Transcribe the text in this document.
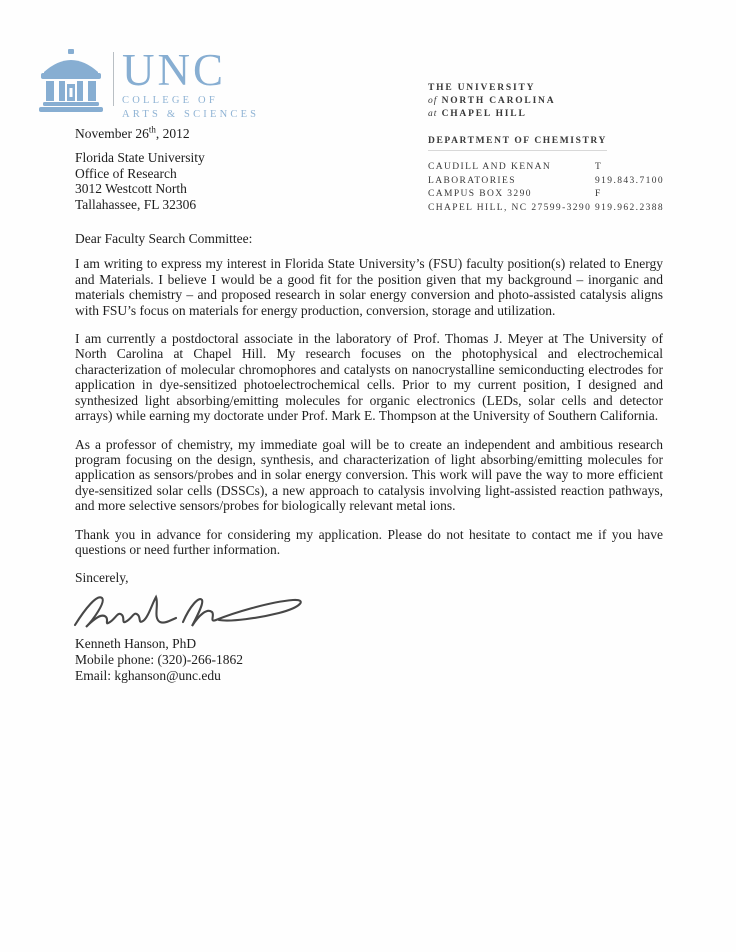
UNC
COLLEGE OF
ARTS & SCIENCES
THE UNIVERSITY
of NORTH CAROLINA
at CHAPEL HILL
DEPARTMENT OF CHEMISTRY
CAUDILL AND KENAN
LABORATORIES
CAMPUS BOX 3290
CHAPEL HILL, NC 27599-3290
T 919.843.7100
F 919.962.2388
November 26th, 2012
Florida State University
Office of Research
3012 Westcott North
Tallahassee, FL 32306
Dear Faculty Search Committee:

I am writing to express my interest in Florida State University’s (FSU) faculty position(s) related to Energy and Materials. I believe I would be a good fit for the position given that my background – inorganic and materials chemistry – and proposed research in solar energy conversion and photo-assisted catalysis aligns with FSU’s focus on materials for energy production, conversion, storage and utilization.

I am currently a postdoctoral associate in the laboratory of Prof. Thomas J. Meyer at The University of North Carolina at Chapel Hill. My research focuses on the photophysical and electrochemical characterization of molecular chromophores and catalysts on nanocrystalline semiconducting electrodes for application in dye-sensitized photoelectrochemical cells. Prior to my current position, I designed and synthesized light absorbing/emitting molecules for organic electronics (LEDs, solar cells and detector arrays) while earning my doctorate under Prof. Mark E. Thompson at the University of Southern California.

As a professor of chemistry, my immediate goal will be to create an independent and ambitious research program focusing on the design, synthesis, and characterization of light absorbing/emitting molecules for application as sensors/probes and in solar energy conversion. This work will pave the way to more efficient dye-sensitized solar cells (DSSCs), a new approach to catalysis involving light-assisted reaction pathways, and more selective sensors/probes for biologically relevant metal ions.

Thank you in advance for considering my application. Please do not hesitate to contact me if you have questions or need further information.

Sincerely,
Kenneth Hanson, PhD
Mobile phone: (320)-266-1862
Email: kghanson@unc.edu
